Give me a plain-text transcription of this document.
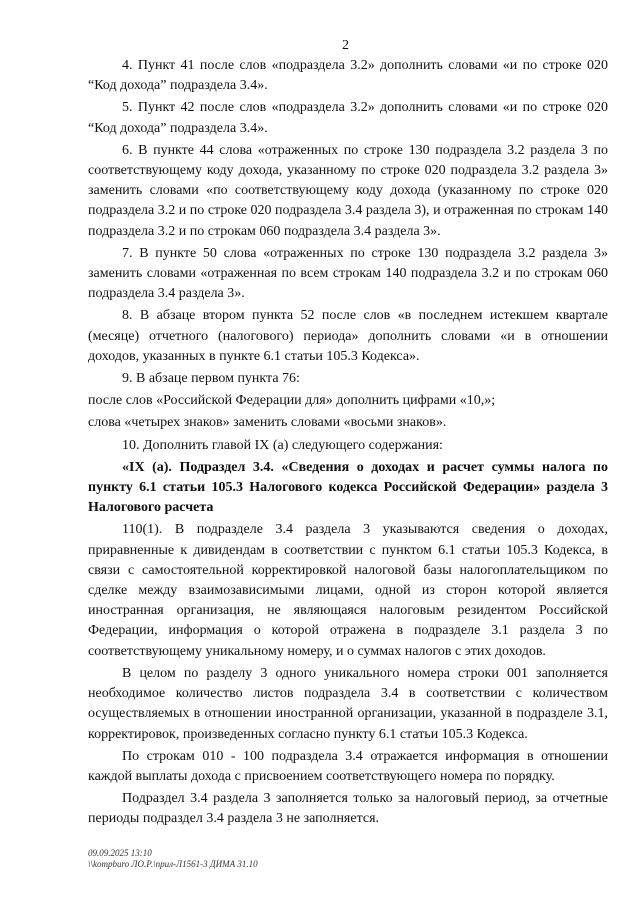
2

4. Пункт 41 после слов «подраздела 3.2» дополнить словами «и по строке 020 “Код дохода” подраздела 3.4».

5. Пункт 42 после слов «подраздела 3.2» дополнить словами «и по строке 020 “Код дохода” подраздела 3.4».

6. В пункте 44 слова «отраженных по строке 130 подраздела 3.2 раздела 3 по соответствующему коду дохода, указанному по строке 020 подраздела 3.2 раздела 3» заменить словами «по соответствующему коду дохода (указанному по строке 020 подраздела 3.2 и по строке 020 подраздела 3.4 раздела 3), и отраженная по строкам 140 подраздела 3.2 и по строкам 060 подраздела 3.4 раздела 3».

7. В пункте 50 слова «отраженных по строке 130 подраздела 3.2 раздела 3» заменить словами «отраженная по всем строкам 140 подраздела 3.2 и по строкам 060 подраздела 3.4 раздела 3».

8. В абзаце втором пункта 52 после слов «в последнем истекшем квартале (месяце) отчетного (налогового) периода» дополнить словами «и в отношении доходов, указанных в пункте 6.1 статьи 105.3 Кодекса».

9. В абзаце первом пункта 76:

после слов «Российской Федерации для» дополнить цифрами «10,»;

слова «четырех знаков» заменить словами «восьми знаков».

10. Дополнить главой IX (а) следующего содержания:

«IX (а). Подраздел 3.4. «Сведения о доходах и расчет суммы налога по пункту 6.1 статьи 105.3 Налогового кодекса Российской Федерации» раздела 3 Налогового расчета

110(1). В подразделе 3.4 раздела 3 указываются сведения о доходах, приравненные к дивидендам в соответствии с пунктом 6.1 статьи 105.3 Кодекса, в связи с самостоятельной корректировкой налоговой базы налогоплательщиком по сделке между взаимозависимыми лицами, одной из сторон которой является иностранная организация, не являющаяся налоговым резидентом Российской Федерации, информация о которой отражена в подразделе 3.1 раздела 3 по соответствующему уникальному номеру, и о суммах налогов с этих доходов.

В целом по разделу 3 одного уникального номера строки 001 заполняется необходимое количество листов подраздела 3.4 в соответствии с количеством осуществляемых в отношении иностранной организации, указанной в подразделе 3.1, корректировок, произведенных согласно пункту 6.1 статьи 105.3 Кодекса.

По строкам 010 - 100 подраздела 3.4 отражается информация в отношении каждой выплаты дохода с присвоением соответствующего номера по порядку.

Подраздел 3.4 раздела 3 заполняется только за налоговый период, за отчетные периоды подраздел 3.4 раздела 3 не заполняется.

09.09.2025 13:10
\\kompburo ЛО.Р.\прил-Л1561-3 ДИМА 31.10
